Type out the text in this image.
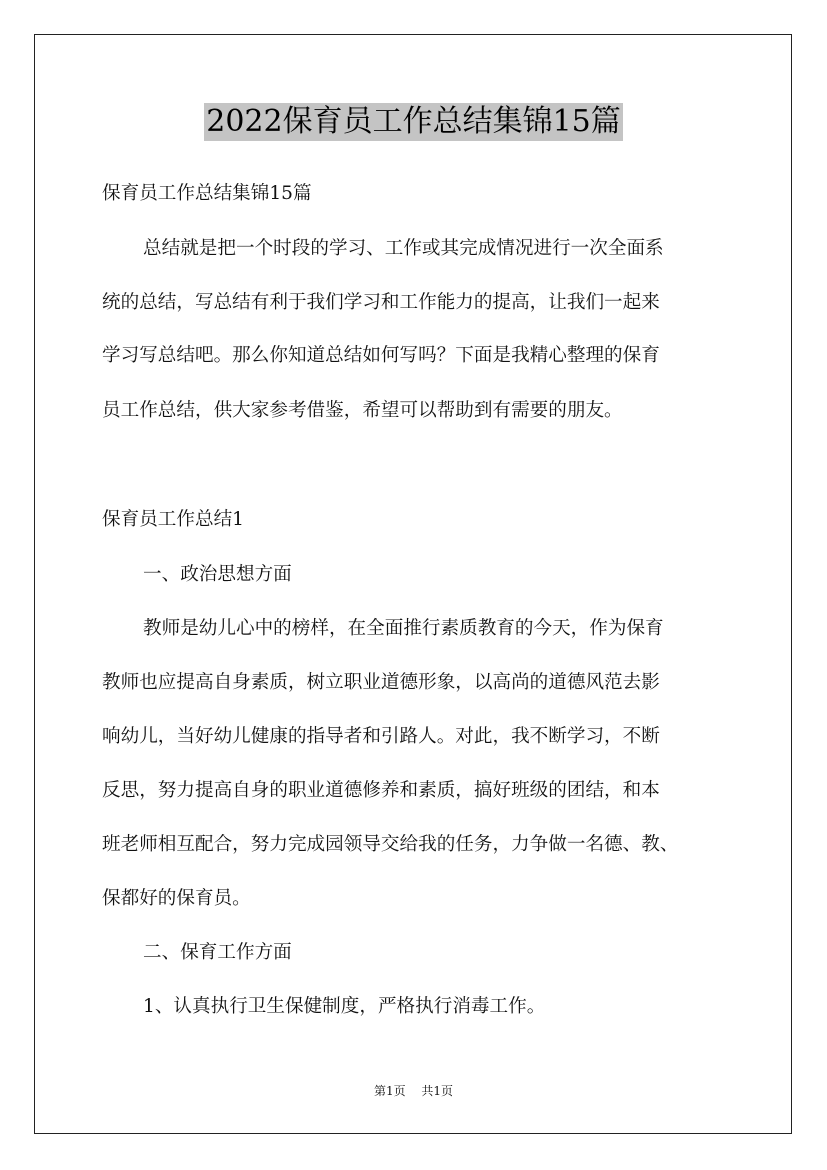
2022保育员工作总结集锦15篇
保育员工作总结集锦15篇
总结就是把一个时段的学习、工作或其完成情况进行一次全面系
统的总结，写总结有利于我们学习和工作能力的提高，让我们一起来
学习写总结吧。那么你知道总结如何写吗？下面是我精心整理的保育
员工作总结，供大家参考借鉴，希望可以帮助到有需要的朋友。
保育员工作总结1
一、政治思想方面
教师是幼儿心中的榜样，在全面推行素质教育的今天，作为保育
教师也应提高自身素质，树立职业道德形象，以高尚的道德风范去影
响幼儿，当好幼儿健康的指导者和引路人。对此，我不断学习，不断
反思，努力提高自身的职业道德修养和素质，搞好班级的团结，和本
班老师相互配合，努力完成园领导交给我的任务，力争做一名德、教、
保都好的保育员。
二、保育工作方面
1、认真执行卫生保健制度，严格执行消毒工作。
第1页 共1页
